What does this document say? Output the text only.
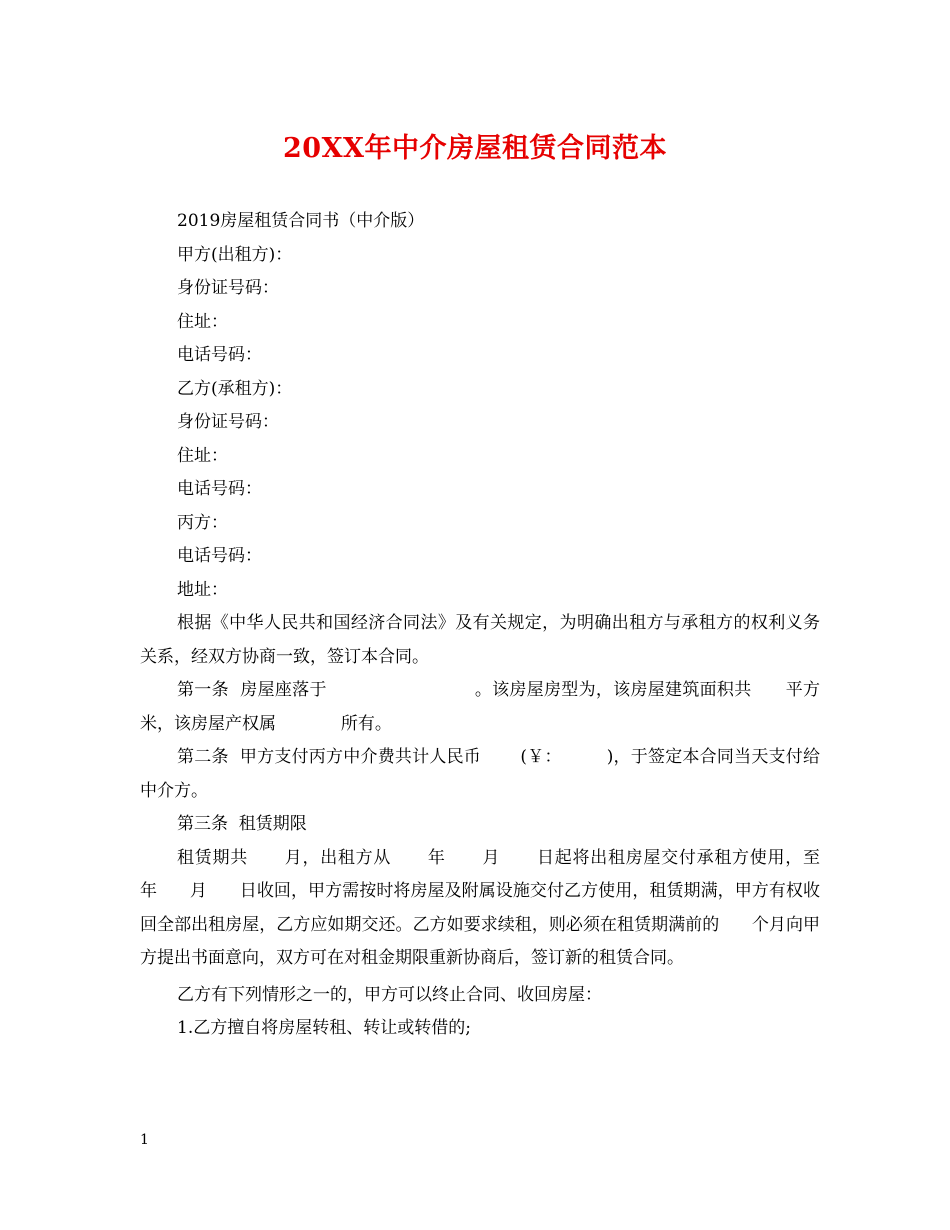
20XX年中介房屋租赁合同范本

2019房屋租赁合同书（中介版）

甲方(出租方)：

身份证号码：

住址：

电话号码：

乙方(承租方)：

身份证号码：

住址：

电话号码：

丙方：

电话号码：

地址：

根据《中华人民共和国经济合同法》及有关规定，为明确出租方与承租方的权利义务关系，经双方协商一致，签订本合同。

第一条  房屋座落于                          。该房屋房型为，该房屋建筑面积共      平方米，该房屋产权属            所有。

第二条  甲方支付丙方中介费共计人民币       (￥：        )，于签定本合同当天支付给中介方。

第三条  租赁期限

租赁期共      月，出租方从      年      月      日起将出租房屋交付承租方使用，至      年      月      日收回，甲方需按时将房屋及附属设施交付乙方使用，租赁期满，甲方有权收回全部出租房屋，乙方应如期交还。乙方如要求续租，则必须在租赁期满前的      个月向甲方提出书面意向，双方可在对租金期限重新协商后，签订新的租赁合同。

乙方有下列情形之一的，甲方可以终止合同、收回房屋：

1.乙方擅自将房屋转租、转让或转借的;

1
